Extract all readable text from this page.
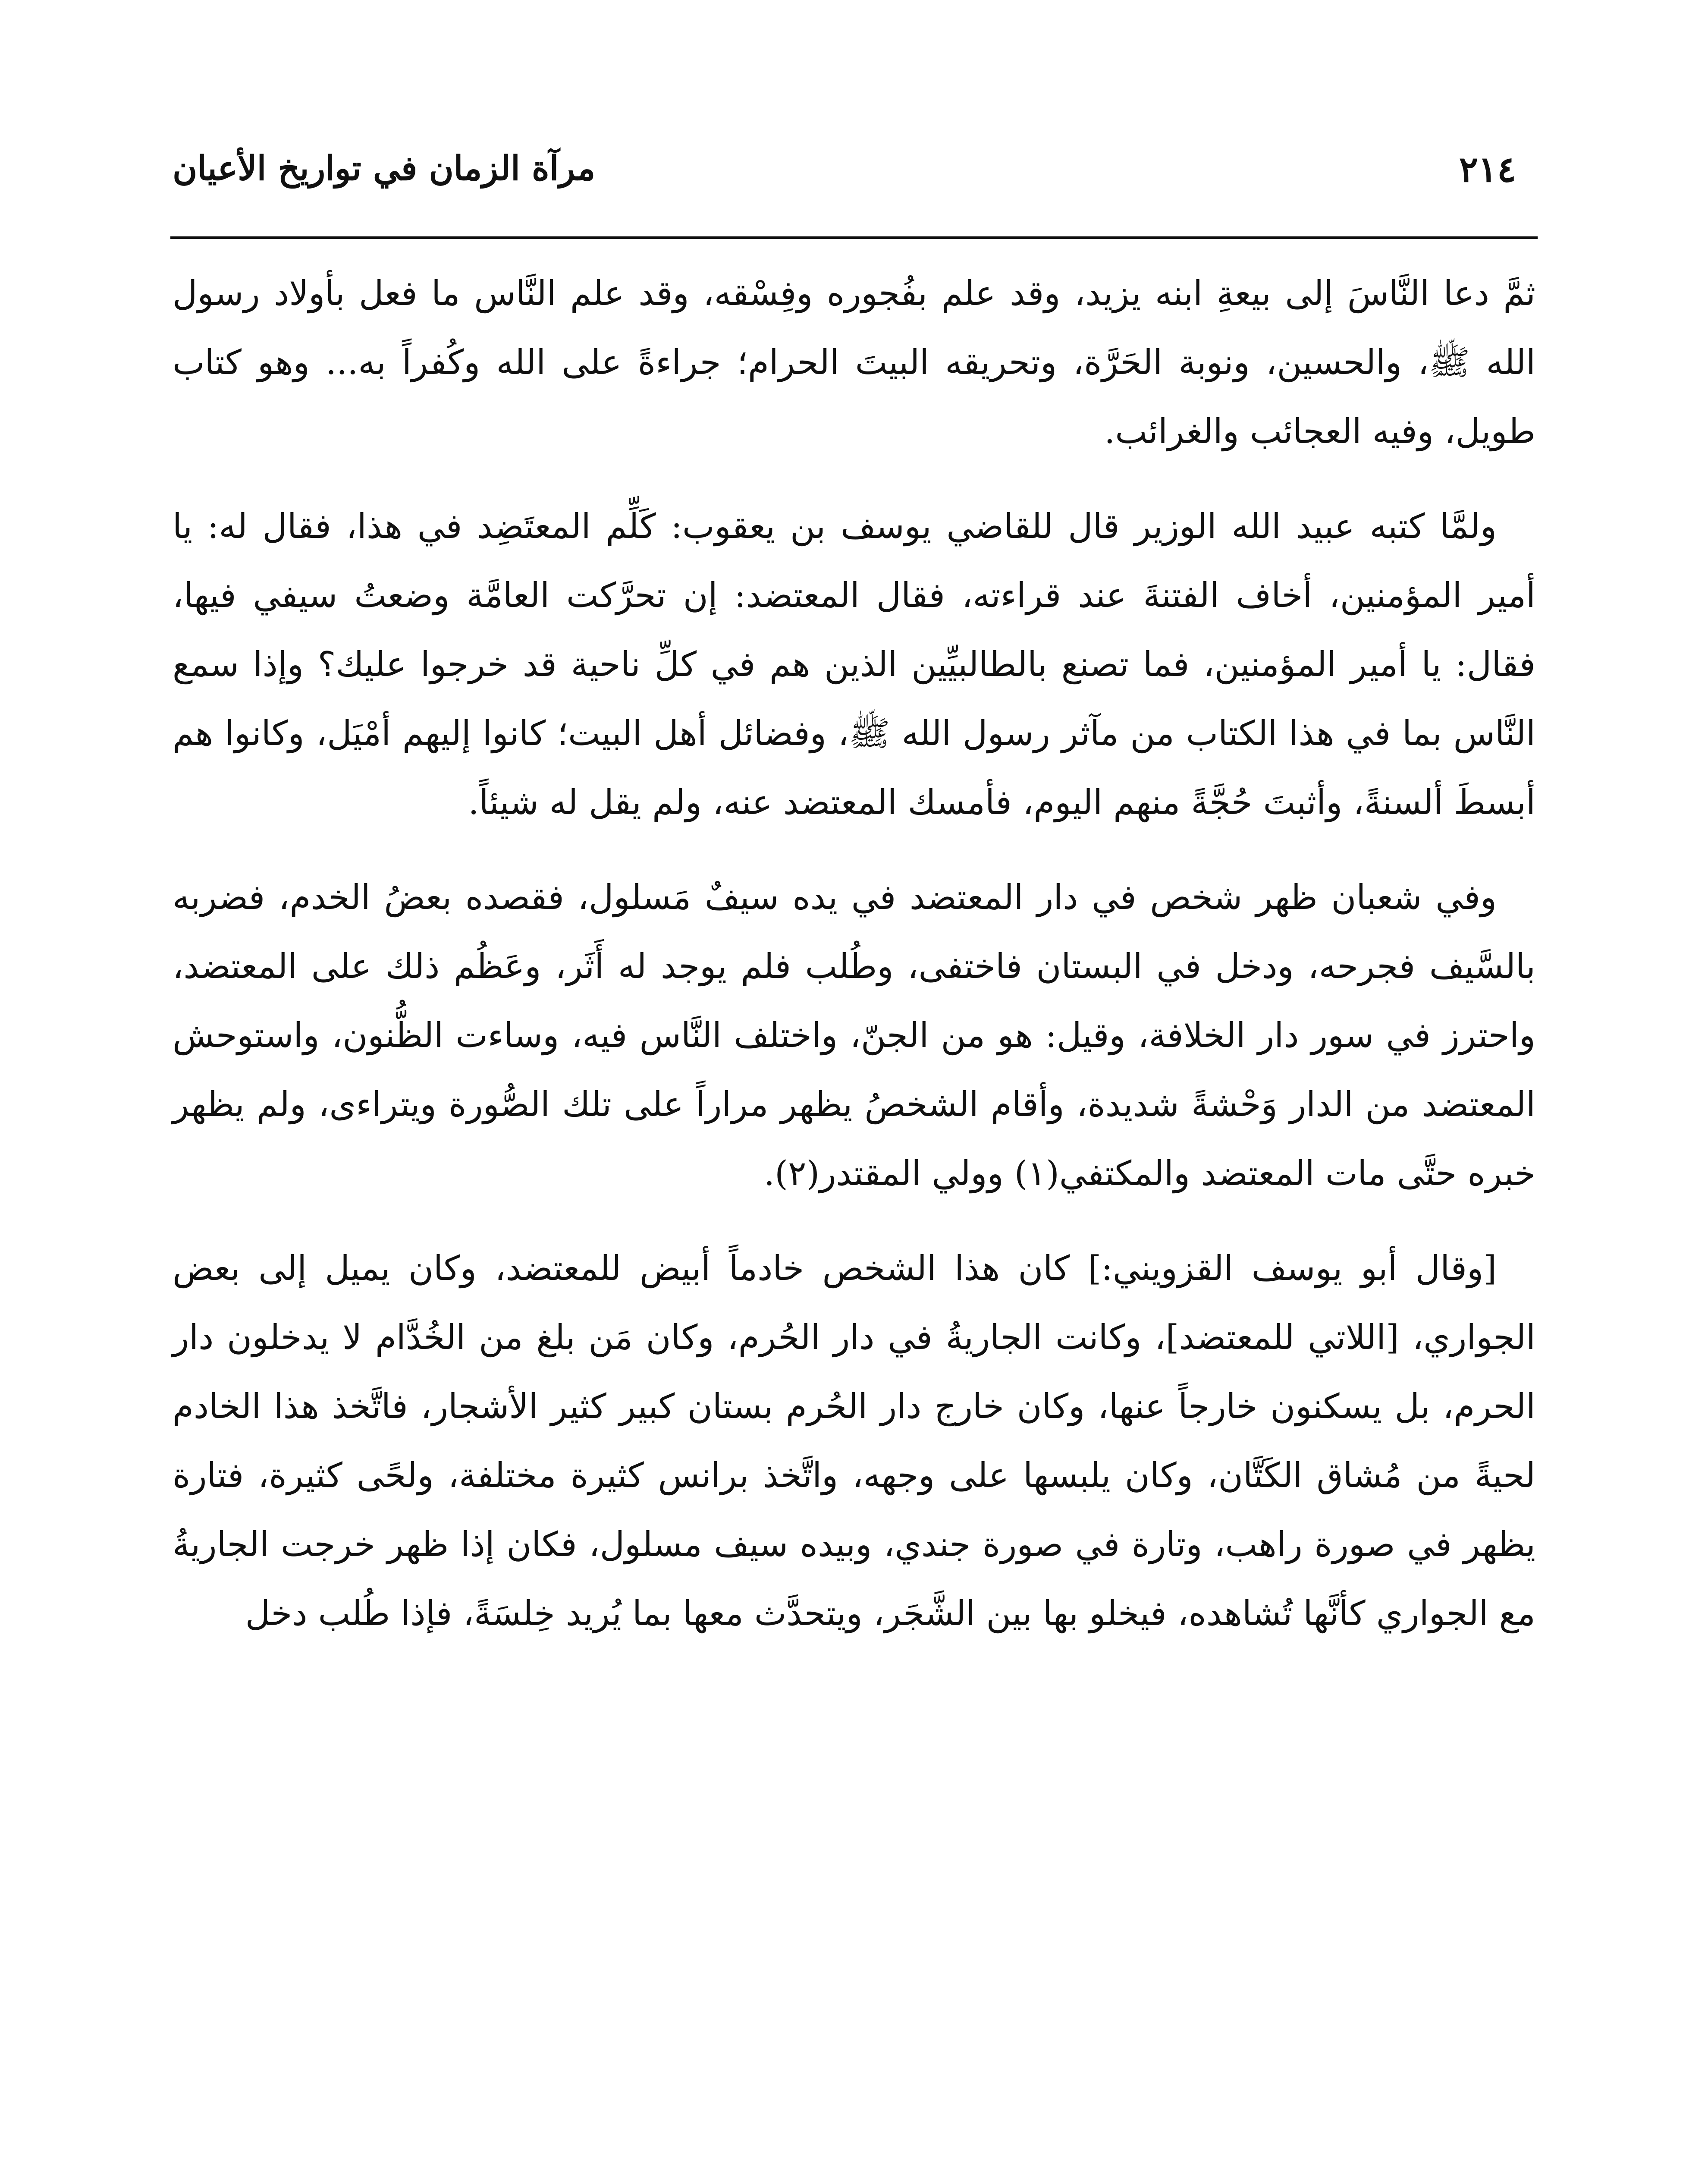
٢١٤
مرآة الزمان في تواريخ الأعيان

ثمَّ دعا النَّاسَ إلى بيعةِ ابنه يزيد، وقد علم بفُجوره وفِسْقه، وقد علم النَّاس ما فعل بأولاد رسول الله ﷺ، والحسين، ونوبة الحَرَّة، وتحريقه البيتَ الحرام؛ جراءةً على الله وكُفراً به... وهو كتاب طويل، وفيه العجائب والغرائب.

ولمَّا كتبه عبيد الله الوزير قال للقاضي يوسف بن يعقوب: كَلِّم المعتَضِد في هذا، فقال له: يا أمير المؤمنين، أخاف الفتنةَ عند قراءته، فقال المعتضد: إن تحرَّكت العامَّة وضعتُ سيفي فيها، فقال: يا أمير المؤمنين، فما تصنع بالطالبيِّين الذين هم في كلِّ ناحية قد خرجوا عليك؟ وإذا سمع النَّاس بما في هذا الكتاب من مآثر رسول الله ﷺ، وفضائل أهل البيت؛ كانوا إليهم أمْيَل، وكانوا هم أبسطَ ألسنةً، وأثبتَ حُجَّةً منهم اليوم، فأمسك المعتضد عنه، ولم يقل له شيئاً.

وفي شعبان ظهر شخص في دار المعتضد في يده سيفٌ مَسلول، فقصده بعضُ الخدم، فضربه بالسَّيف فجرحه، ودخل في البستان فاختفى، وطُلب فلم يوجد له أَثَر، وعَظُم ذلك على المعتضد، واحترز في سور دار الخلافة، وقيل: هو من الجنّ، واختلف النَّاس فيه، وساءت الظُّنون، واستوحش المعتضد من الدار وَحْشةً شديدة، وأقام الشخصُ يظهر مراراً على تلك الصُّورة ويتراءى، ولم يظهر خبره حتَّى مات المعتضد والمكتفي(١) وولي المقتدر(٢).

[وقال أبو يوسف القزويني:] كان هذا الشخص خادماً أبيض للمعتضد، وكان يميل إلى بعض الجواري، [اللاتي للمعتضد]، وكانت الجاريةُ في دار الحُرم، وكان مَن بلغ من الخُدَّام لا يدخلون دار الحرم، بل يسكنون خارجاً عنها، وكان خارج دار الحُرم بستان كبير كثير الأشجار، فاتَّخذ هذا الخادم لحيةً من مُشاق الكَتَّان، وكان يلبسها على وجهه، واتَّخذ برانس كثيرة مختلفة، ولحًى كثيرة، فتارة يظهر في صورة راهب، وتارة في صورة جندي، وبيده سيف مسلول، فكان إذا ظهر خرجت الجاريةُ مع الجواري كأنَّها تُشاهده، فيخلو بها بين الشَّجَر، ويتحدَّث معها بما يُريد خِلسَةً، فإذا طُلب دخل
